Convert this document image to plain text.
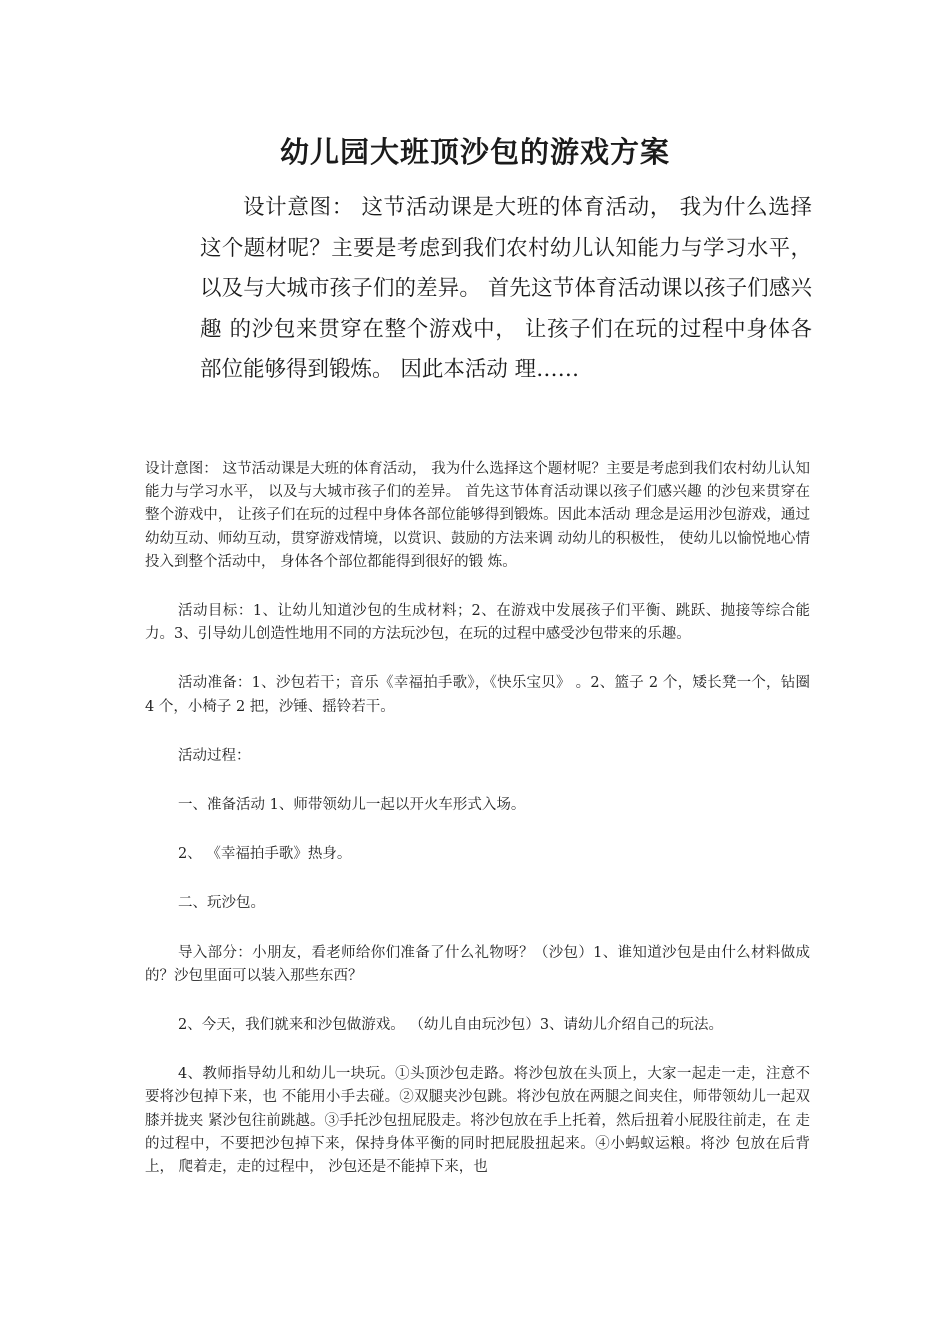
幼儿园大班顶沙包的游戏方案
设计意图： 这节活动课是大班的体育活动， 我为什么选择这个题材呢？主要是考虑到我们农村幼儿认知能力与学习水平， 以及与大城市孩子们的差异。 首先这节体育活动课以孩子们感兴趣 的沙包来贯穿在整个游戏中， 让孩子们在玩的过程中身体各部位能够得到锻炼。 因此本活动 理……

设计意图： 这节活动课是大班的体育活动， 我为什么选择这个题材呢？主要是考虑到我们农村幼儿认知能力与学习水平， 以及与大城市孩子们的差异。 首先这节体育活动课以孩子们感兴趣 的沙包来贯穿在整个游戏中， 让孩子们在玩的过程中身体各部位能够得到锻炼。因此本活动 理念是运用沙包游戏，通过幼幼互动、师幼互动，贯穿游戏情境，以赏识、鼓励的方法来调 动幼儿的积极性， 使幼儿以愉悦地心情投入到整个活动中， 身体各个部位都能得到很好的锻 炼。

活动目标：1、让幼儿知道沙包的生成材料；2、在游戏中发展孩子们平衡、跳跃、抛接等综合能力。3、引导幼儿创造性地用不同的方法玩沙包，在玩的过程中感受沙包带来的乐趣。

活动准备：1、沙包若干；音乐《幸福拍手歌》，《快乐宝贝》 。2、篮子 2 个，矮长凳一个，钻圈 4 个，小椅子 2 把，沙锤、摇铃若干。

活动过程：

一、准备活动 1、师带领幼儿一起以开火车形式入场。

2、 《幸福拍手歌》热身。

二、玩沙包。

导入部分：小朋友，看老师给你们准备了什么礼物呀？（沙包）1、谁知道沙包是由什么材料做成的？沙包里面可以装入那些东西？

2、今天，我们就来和沙包做游戏。 （幼儿自由玩沙包）3、请幼儿介绍自己的玩法。

4、教师指导幼儿和幼儿一块玩。①头顶沙包走路。将沙包放在头顶上，大家一起走一走，注意不要将沙包掉下来，也 不能用小手去碰。②双腿夹沙包跳。将沙包放在两腿之间夹住，师带领幼儿一起双膝并拢夹 紧沙包往前跳越。③手托沙包扭屁股走。将沙包放在手上托着，然后扭着小屁股往前走，在 走的过程中，不要把沙包掉下来，保持身体平衡的同时把屁股扭起来。④小蚂蚁运粮。将沙 包放在后背上， 爬着走，走的过程中， 沙包还是不能掉下来，也
